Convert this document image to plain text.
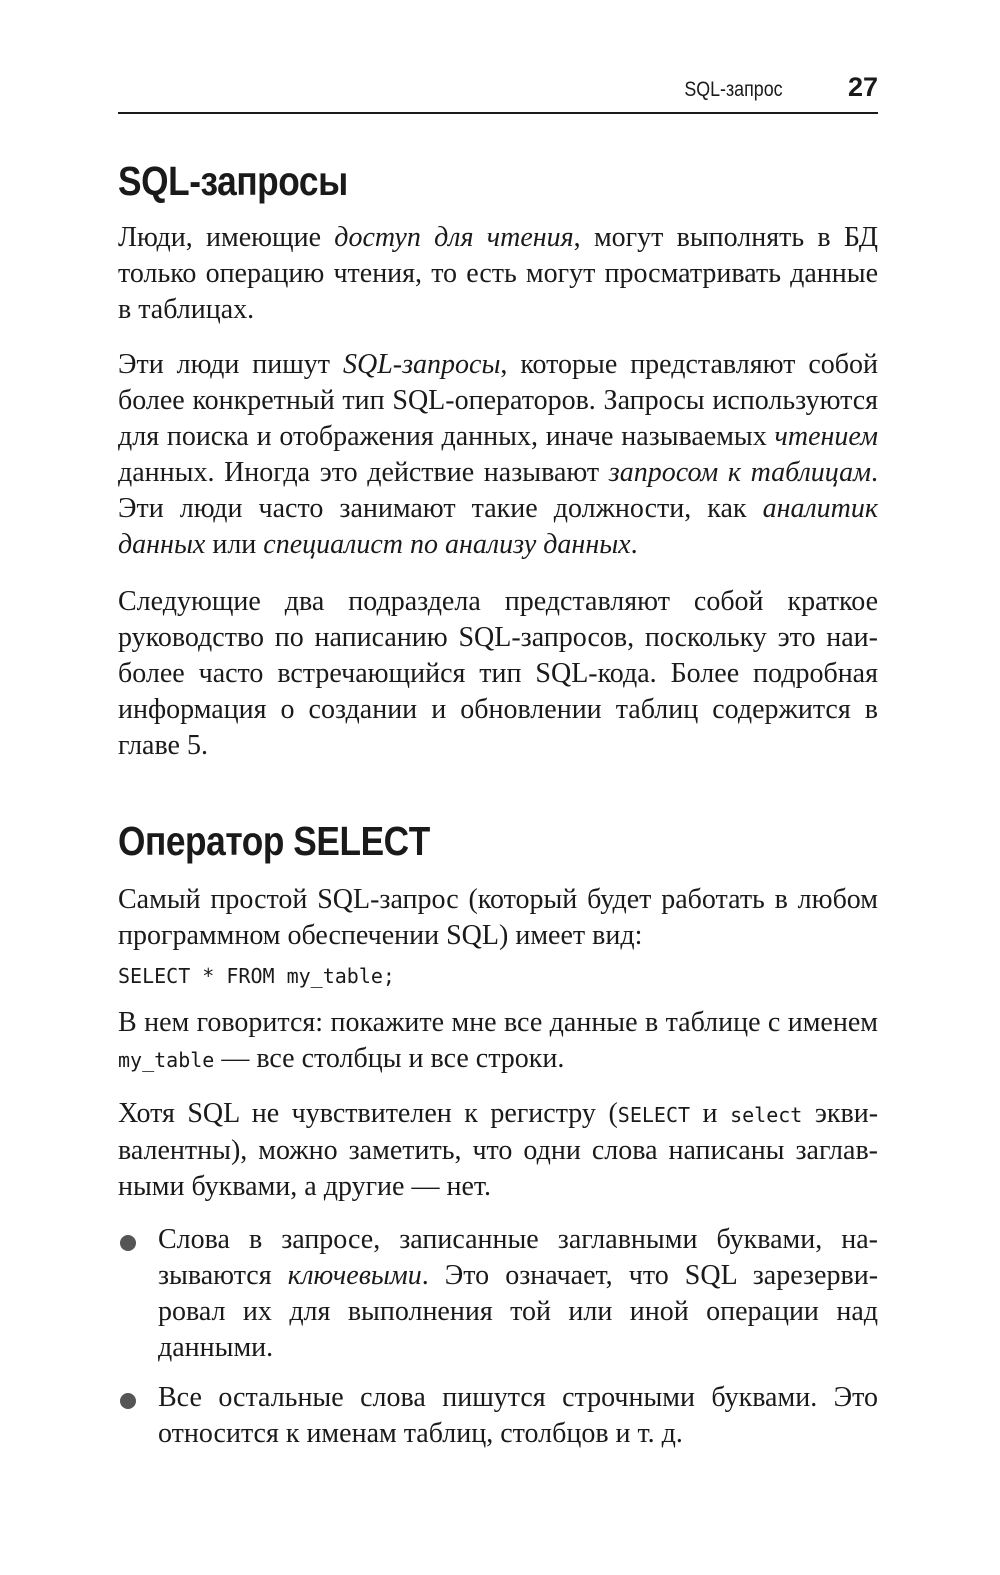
SQL-запрос 27
SQL-запросы

Люди, имеющие доступ для чтения, могут выполнять в БД только операцию чтения, то есть могут просматривать данные в таблицах.

Эти люди пишут SQL-запросы, которые представляют собой более конкретный тип SQL-операторов. Запросы используются для поиска и отображения данных, иначе называемых чтением данных. Иногда это действие называют запросом к таблицам. Эти люди часто занимают такие должности, как аналитик данных или специалист по анализу данных.

Следующие два подраздела представляют собой краткое руководство по написанию SQL-запросов, поскольку это наиболее часто встречающийся тип SQL-кода. Более подробная информация о создании и обновлении таблиц содержится в главе 5.

Оператор SELECT

Самый простой SQL-запрос (который будет работать в любом программном обеспечении SQL) имеет вид:

SELECT * FROM my_table;

В нем говорится: покажите мне все данные в таблице с именем my_table — все столбцы и все строки.

Хотя SQL не чувствителен к регистру (SELECT и select эквивалентны), можно заметить, что одни слова написаны заглавными буквами, а другие — нет.

Слова в запросе, записанные заглавными буквами, называются ключевыми. Это означает, что SQL зарезервировал их для выполнения той или иной операции над данными.

Все остальные слова пишутся строчными буквами. Это относится к именам таблиц, столбцов и т. д.
